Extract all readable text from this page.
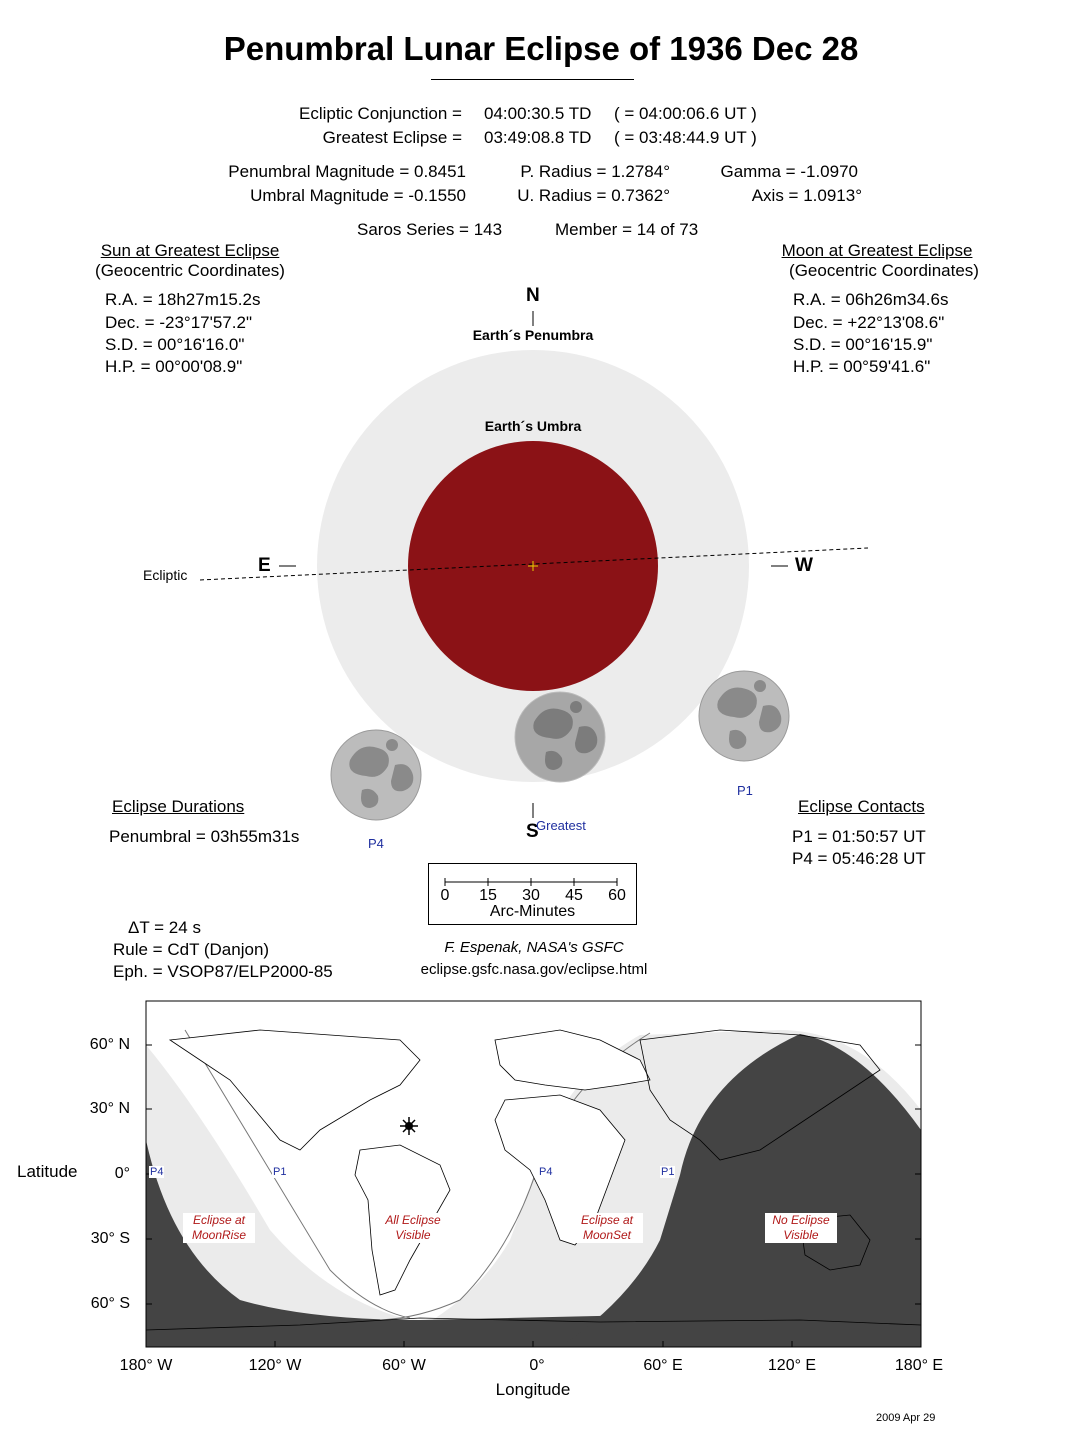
Penumbral Lunar Eclipse of 1936 Dec 28
Ecliptic Conjunction = 04:00:30.5 TD ( = 04:00:06.6 UT )
Greatest Eclipse = 03:49:08.8 TD ( = 03:48:44.9 UT )
Penumbral Magnitude = 0.8451
Umbral Magnitude = -0.1550
P. Radius = 1.2784°
U. Radius = 0.7362°
Gamma = -1.0970
Axis = 1.0913°
Saros Series = 143	Member = 14 of 73
Sun at Greatest Eclipse
(Geocentric Coordinates)
R.A. = 18h27m15.2s
Dec. = -23°17'57.2"
S.D. = 00°16'16.0"
H.P. = 00°00'08.9"
Moon at Greatest Eclipse
(Geocentric Coordinates)
R.A. = 06h26m34.6s
Dec. = +22°13'08.6"
S.D. = 00°16'15.9"
H.P. = 00°59'41.6"
N
Earth´s Penumbra
Earth´s Umbra
E	W
Ecliptic
S
Greatest
P4
P1
Eclipse Durations
Penumbral = 03h55m31s
Eclipse Contacts
P1 = 01:50:57 UT
P4 = 05:46:28 UT
0	15	30	45	60
Arc-Minutes
ΔT = 24 s
Rule = CdT (Danjon)
Eph. = VSOP87/ELP2000-85
F. Espenak, NASA's GSFC
eclipse.gsfc.nasa.gov/eclipse.html
60° N
30° N
0°
30° S
60° S
Latitude
180° W	120° W	60° W	0°	60° E	120° E	180° E
Longitude
P4	P1	P4	P1
Eclipse at
MoonRise
All Eclipse
Visible
Eclipse at
MoonSet
No Eclipse
Visible
2009 Apr 29
